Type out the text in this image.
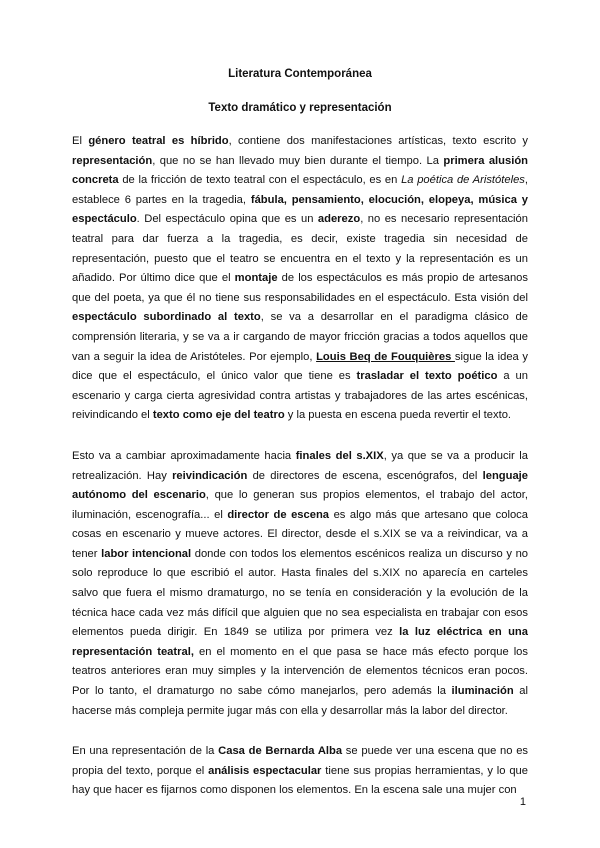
Literatura Contemporánea
Texto dramático y representación

El género teatral es híbrido, contiene dos manifestaciones artísticas, texto escrito y representación, que no se han llevado muy bien durante el tiempo. La primera alusión concreta de la fricción de texto teatral con el espectáculo, es en La poética de Aristóteles, establece 6 partes en la tragedia, fábula, pensamiento, elocución, elopeya, música y espectáculo. Del espectáculo opina que es un aderezo, no es necesario representación teatral para dar fuerza a la tragedia, es decir, existe tragedia sin necesidad de representación, puesto que el teatro se encuentra en el texto y la representación es un añadido. Por último dice que el montaje de los espectáculos es más propio de artesanos que del poeta, ya que él no tiene sus responsabilidades en el espectáculo. Esta visión del espectáculo subordinado al texto, se va a desarrollar en el paradigma clásico de comprensión literaria, y se va a ir cargando de mayor fricción gracias a todos aquellos que van a seguir la idea de Aristóteles. Por ejemplo, Louis Beq de Fouquières sigue la idea y dice que el espectáculo, el único valor que tiene es trasladar el texto poético a un escenario y carga cierta agresividad contra artistas y trabajadores de las artes escénicas, reivindicando el texto como eje del teatro y la puesta en escena pueda revertir el texto.

Esto va a cambiar aproximadamente hacia finales del s.XIX, ya que se va a producir la retrealización. Hay reivindicación de directores de escena, escenógrafos, del lenguaje autónomo del escenario, que lo generan sus propios elementos, el trabajo del actor, iluminación, escenografía... el director de escena es algo más que artesano que coloca cosas en escenario y mueve actores. El director, desde el s.XIX se va a reivindicar, va a tener labor intencional donde con todos los elementos escénicos realiza un discurso y no solo reproduce lo que escribió el autor. Hasta finales del s.XIX no aparecía en carteles salvo que fuera el mismo dramaturgo, no se tenía en consideración y la evolución de la técnica hace cada vez más difícil que alguien que no sea especialista en trabajar con esos elementos pueda dirigir. En 1849 se utiliza por primera vez la luz eléctrica en una representación teatral, en el momento en el que pasa se hace más efecto porque los teatros anteriores eran muy simples y la intervención de elementos técnicos eran pocos. Por lo tanto, el dramaturgo no sabe cómo manejarlos, pero además la iluminación al hacerse más compleja permite jugar más con ella y desarrollar más la labor del director.

En una representación de la Casa de Bernarda Alba se puede ver una escena que no es propia del texto, porque el análisis espectacular tiene sus propias herramientas, y lo que hay que hacer es fijarnos como disponen los elementos. En la escena sale una mujer con

1
